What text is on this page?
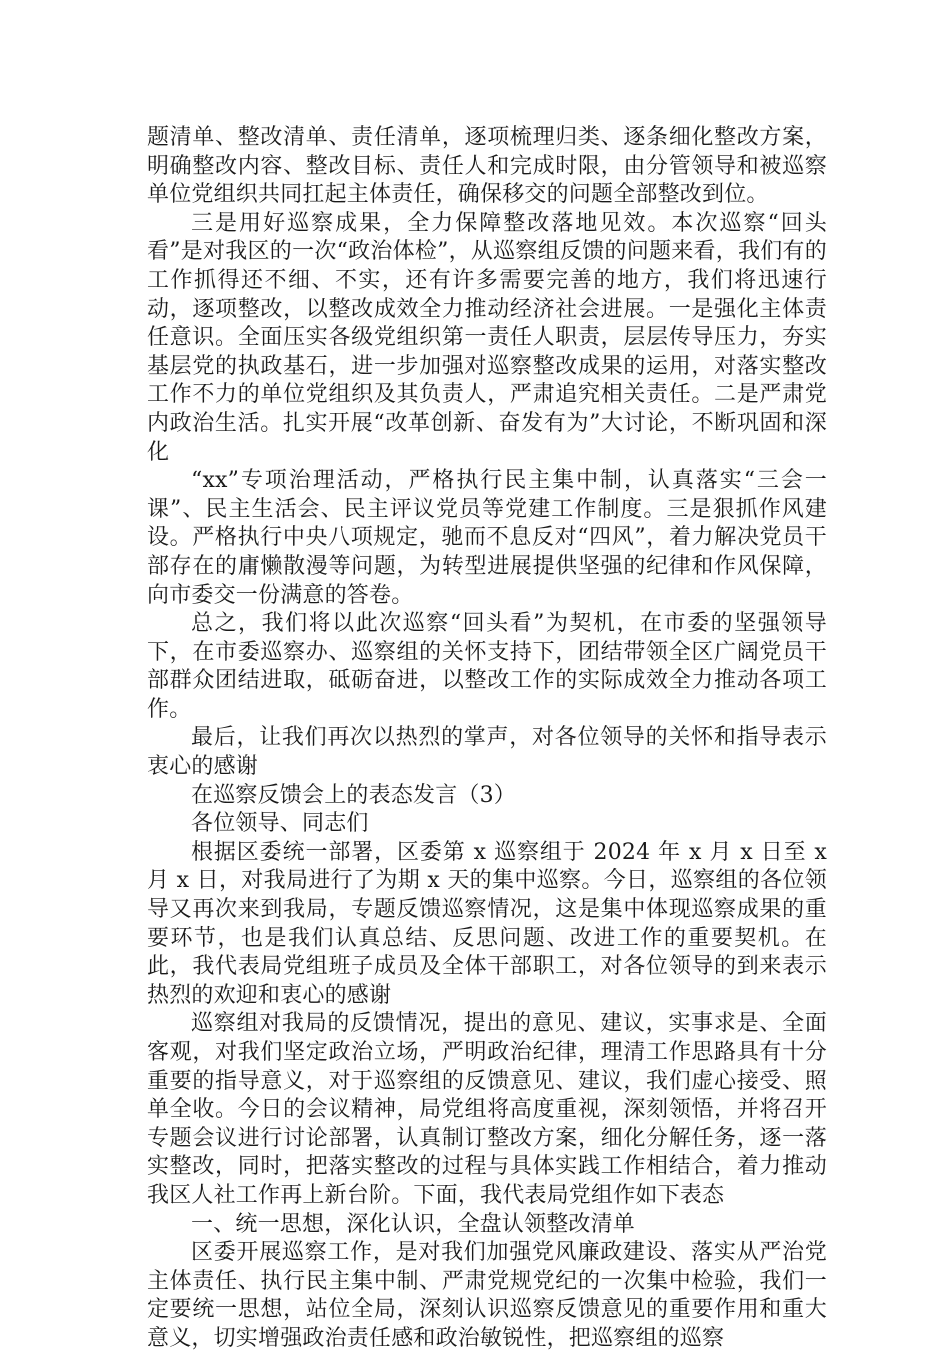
题清单、整改清单、责任清单，逐项梳理归类、逐条细化整改方案，明确整改内容、整改目标、责任人和完成时限，由分管领导和被巡察单位党组织共同扛起主体责任，确保移交的问题全部整改到位。

三是用好巡察成果，全力保障整改落地见效。本次巡察“回头看”是对我区的一次“政治体检”，从巡察组反馈的问题来看，我们有的工作抓得还不细、不实，还有许多需要完善的地方，我们将迅速行动，逐项整改，以整改成效全力推动经济社会进展。一是强化主体责任意识。全面压实各级党组织第一责任人职责，层层传导压力，夯实基层党的执政基石，进一步加强对巡察整改成果的运用，对落实整改工作不力的单位党组织及其负责人，严肃追究相关责任。二是严肃党内政治生活。扎实开展“改革创新、奋发有为”大讨论，不断巩固和深化

“xx”专项治理活动，严格执行民主集中制，认真落实“三会一课”、民主生活会、民主评议党员等党建工作制度。三是狠抓作风建设。严格执行中央八项规定，驰而不息反对“四风”，着力解决党员干部存在的庸懒散漫等问题，为转型进展提供坚强的纪律和作风保障，向市委交一份满意的答卷。

总之，我们将以此次巡察“回头看”为契机，在市委的坚强领导下，在市委巡察办、巡察组的关怀支持下，团结带领全区广阔党员干部群众团结进取，砥砺奋进，以整改工作的实际成效全力推动各项工作。

最后，让我们再次以热烈的掌声，对各位领导的关怀和指导表示衷心的感谢

在巡察反馈会上的表态发言（3）

各位领导、同志们

根据区委统一部署，区委第 x 巡察组于 2024 年 x 月 x 日至 x 月 x 日，对我局进行了为期 x 天的集中巡察。今日，巡察组的各位领导又再次来到我局，专题反馈巡察情况，这是集中体现巡察成果的重要环节，也是我们认真总结、反思问题、改进工作的重要契机。在此，我代表局党组班子成员及全体干部职工，对各位领导的到来表示热烈的欢迎和衷心的感谢

巡察组对我局的反馈情况，提出的意见、建议，实事求是、全面客观，对我们坚定政治立场，严明政治纪律，理清工作思路具有十分重要的指导意义，对于巡察组的反馈意见、建议，我们虚心接受、照单全收。今日的会议精神，局党组将高度重视，深刻领悟，并将召开专题会议进行讨论部署，认真制订整改方案，细化分解任务，逐一落实整改，同时，把落实整改的过程与具体实践工作相结合，着力推动我区人社工作再上新台阶。下面，我代表局党组作如下表态

一、统一思想，深化认识，全盘认领整改清单

区委开展巡察工作，是对我们加强党风廉政建设、落实从严治党主体责任、执行民主集中制、严肃党规党纪的一次集中检验，我们一定要统一思想，站位全局，深刻认识巡察反馈意见的重要作用和重大意义，切实增强政治责任感和政治敏锐性，把巡察组的巡察
